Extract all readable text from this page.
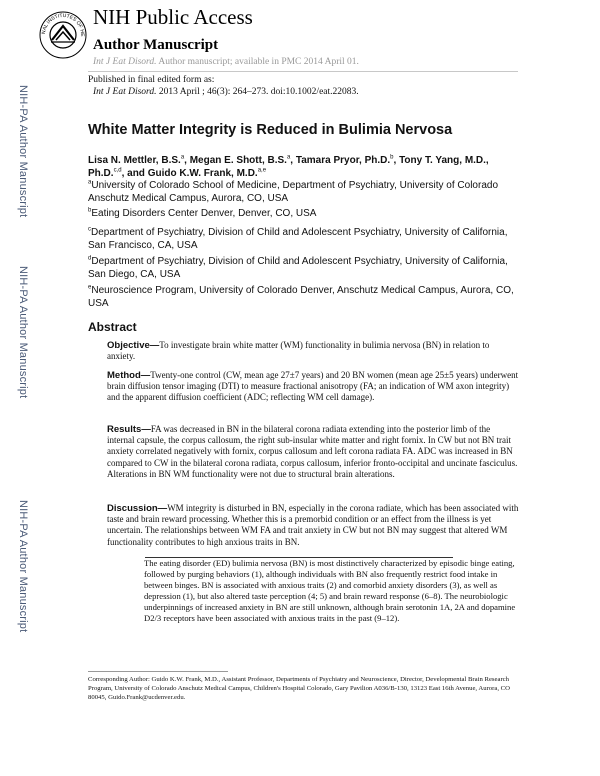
NAL INSTITUTES OF HE
NIH Public Access
Author Manuscript
Int J Eat Disord. Author manuscript; available in PMC 2014 April 01.
Published in final edited form as:
Int J Eat Disord. 2013 April ; 46(3): 264–273. doi:10.1002/eat.22083.
NIH-PA Author Manuscript
NIH-PA Author Manuscript
NIH-PA Author Manuscript
White Matter Integrity is Reduced in Bulimia Nervosa
Lisa N. Mettler, B.S.$^a$, Megan E. Shott, B.S.$^a$, Tamara Pryor, Ph.D.$^b$, Tony T. Yang, M.D., Ph.D.$^{c,d}$, and Guido K.W. Frank, M.D.$^{a,e}$
$^a$University of Colorado School of Medicine, Department of Psychiatry, University of Colorado Anschutz Medical Campus, Aurora, CO, USA
$^b$Eating Disorders Center Denver, Denver, CO, USA
$^c$Department of Psychiatry, Division of Child and Adolescent Psychiatry, University of California, San Francisco, CA, USA
$^d$Department of Psychiatry, Division of Child and Adolescent Psychiatry, University of California, San Diego, CA, USA
$^e$Neuroscience Program, University of Colorado Denver, Anschutz Medical Campus, Aurora, CO, USA
Abstract
Objective—To investigate brain white matter (WM) functionality in bulimia nervosa (BN) in relation to anxiety.
Method—Twenty-one control (CW, mean age 27±7 years) and 20 BN women (mean age 25±5 years) underwent brain diffusion tensor imaging (DTI) to measure fractional anisotropy (FA; an indication of WM axon integrity) and the apparent diffusion coefficient (ADC; reflecting WM cell damage).
Results—FA was decreased in BN in the bilateral corona radiata extending into the posterior limb of the internal capsule, the corpus callosum, the right sub-insular white matter and right fornix. In CW but not BN trait anxiety correlated negatively with fornix, corpus callosum and left corona radiata FA. ADC was increased in BN compared to CW in the bilateral corona radiata, corpus callosum, inferior fronto-occipital and uncinate fasciculus. Alterations in BN WM functionality were not due to structural brain alterations.
Discussion—WM integrity is disturbed in BN, especially in the corona radiate, which has been associated with taste and brain reward processing. Whether this is a premorbid condition or an effect from the illness is yet uncertain. The relationships between WM FA and trait anxiety in CW but not BN may suggest that altered WM functionality contributes to high anxious traits in BN.
The eating disorder (ED) bulimia nervosa (BN) is most distinctively characterized by episodic binge eating, followed by purging behaviors (1), although individuals with BN also frequently restrict food intake in between binges. BN is associated with anxious traits (2) and comorbid anxiety disorders (3), as well as depression (1), but also altered taste perception (4; 5) and brain reward response (6–8). The neurobiologic underpinnings of increased anxiety in BN are still unknown, although brain serotonin 1A, 2A and dopamine D2/3 receptors have been associated with anxious traits in the past (9–12).
Corresponding Author: Guido K.W. Frank, M.D., Assistant Professor, Departments of Psychiatry and Neuroscience, Director, Developmental Brain Research Program, University of Colorado Anschutz Medical Campus, Children's Hospital Colorado, Gary Pavilion A036/B-130, 13123 East 16th Avenue, Aurora, CO 80045, Guido.Frank@ucdenver.edu.
